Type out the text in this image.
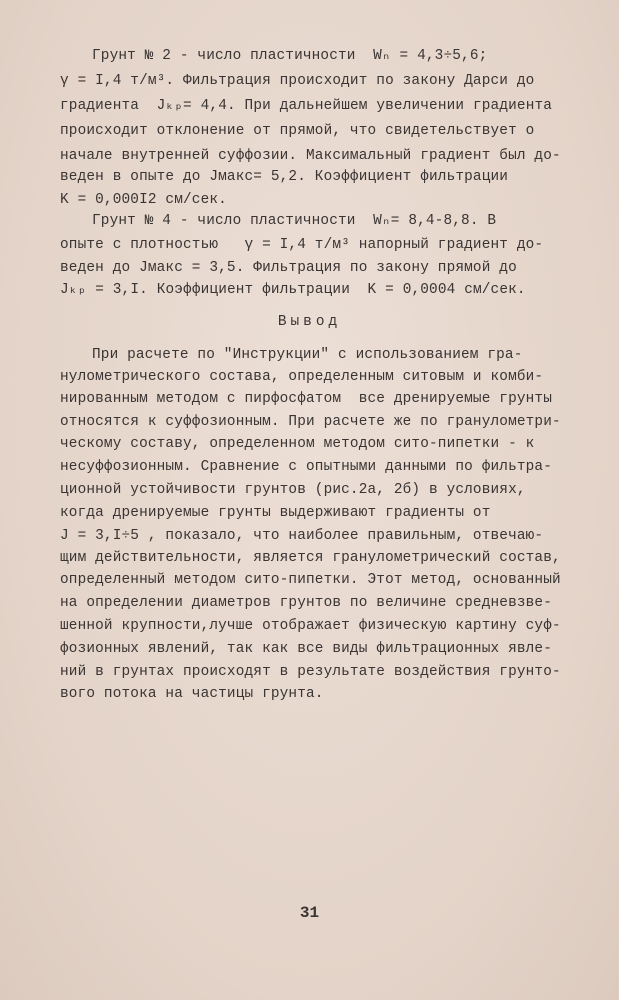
Грунт № 2 - число пластичности  Wₙ = 4,3÷5,6;
γ = I,4 т/м³. Фильтрация происходит по закону Дарси до
градиента  Jₖₚ= 4,4. При дальнейшем увеличении градиента
происходит отклонение от прямой, что свидетельствует о
начале внутренней суффозии. Максимальный градиент был до-
веден в опыте до Jмакс= 5,2. Коэффициент фильтрации
K = 0,000I2 см/сек.
Грунт № 4 - число пластичности  Wₙ= 8,4-8,8. В
опыте с плотностью   γ = I,4 т/м³ напорный градиент до-
веден до Jмакс = 3,5. Фильтрация по закону прямой до
Jₖₚ = 3,I. Коэффициент фильтрации  K = 0,0004 см/сек.
Вывод
При расчете по "Инструкции" с использованием гра-
нулометрического состава, определенным ситовым и комби-
нированным методом с пирфосфатом  все дренируемые грунты
относятся к суффозионным. При расчете же по гранулометри-
ческому составу, определенном методом сито-пипетки - к
несуффозионным. Сравнение с опытными данными по фильтра-
ционной устойчивости грунтов (рис.2а, 2б) в условиях,
когда дренируемые грунты выдерживают градиенты от
J = 3,I÷5 , показало, что наиболее правильным, отвечаю-
щим действительности, является гранулометрический состав,
определенный методом сито-пипетки. Этот метод, основанный
на определении диаметров грунтов по величине средневзве-
шенной крупности,лучше отображает физическую картину суф-
фозионных явлений, так как все виды фильтрационных явле-
ний в грунтах происходят в результате воздействия грунто-
вого потока на частицы грунта.
31
